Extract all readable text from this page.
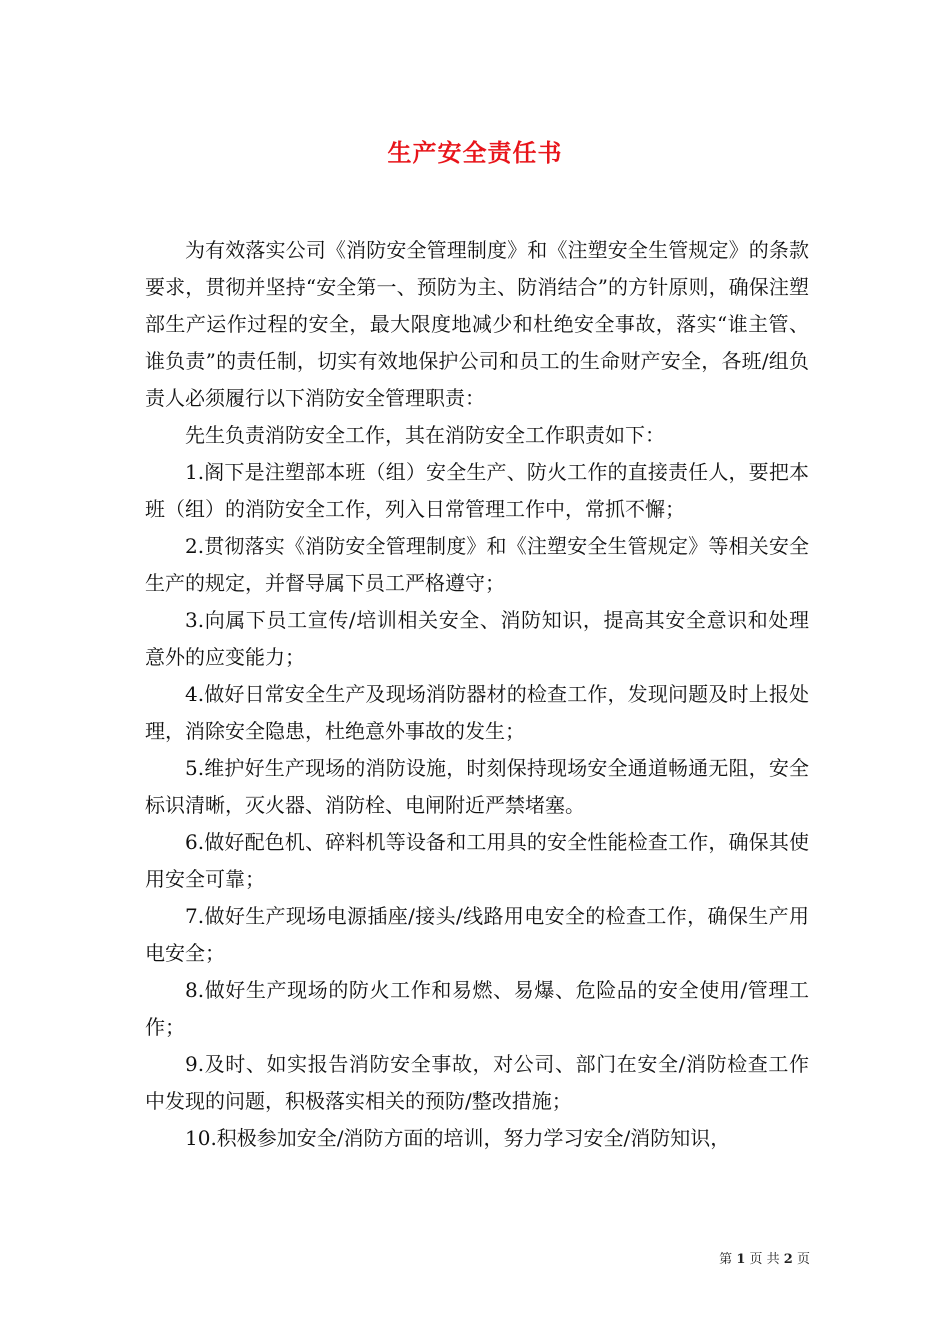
生产安全责任书

为有效落实公司《消防安全管理制度》和《注塑安全生管规定》的条款要求，贯彻并坚持“安全第一、预防为主、防消结合”的方针原则，确保注塑部生产运作过程的安全，最大限度地减少和杜绝安全事故，落实“谁主管、谁负责”的责任制，切实有效地保护公司和员工的生命财产安全，各班/组负责人必须履行以下消防安全管理职责：

先生负责消防安全工作，其在消防安全工作职责如下：

1.阁下是注塑部本班（组）安全生产、防火工作的直接责任人，要把本班（组）的消防安全工作，列入日常管理工作中，常抓不懈；

2.贯彻落实《消防安全管理制度》和《注塑安全生管规定》等相关安全生产的规定，并督导属下员工严格遵守；

3.向属下员工宣传/培训相关安全、消防知识，提高其安全意识和处理意外的应变能力；

4.做好日常安全生产及现场消防器材的检查工作，发现问题及时上报处理，消除安全隐患，杜绝意外事故的发生；

5.维护好生产现场的消防设施，时刻保持现场安全通道畅通无阻，安全标识清晰，灭火器、消防栓、电闸附近严禁堵塞。

6.做好配色机、碎料机等设备和工用具的安全性能检查工作，确保其使用安全可靠；

7.做好生产现场电源插座/接头/线路用电安全的检查工作，确保生产用电安全；

8.做好生产现场的防火工作和易燃、易爆、危险品的安全使用/管理工作；

9.及时、如实报告消防安全事故，对公司、部门在安全/消防检查工作中发现的问题，积极落实相关的预防/整改措施；

10.积极参加安全/消防方面的培训，努力学习安全/消防知识，

第 1 页 共 2 页
